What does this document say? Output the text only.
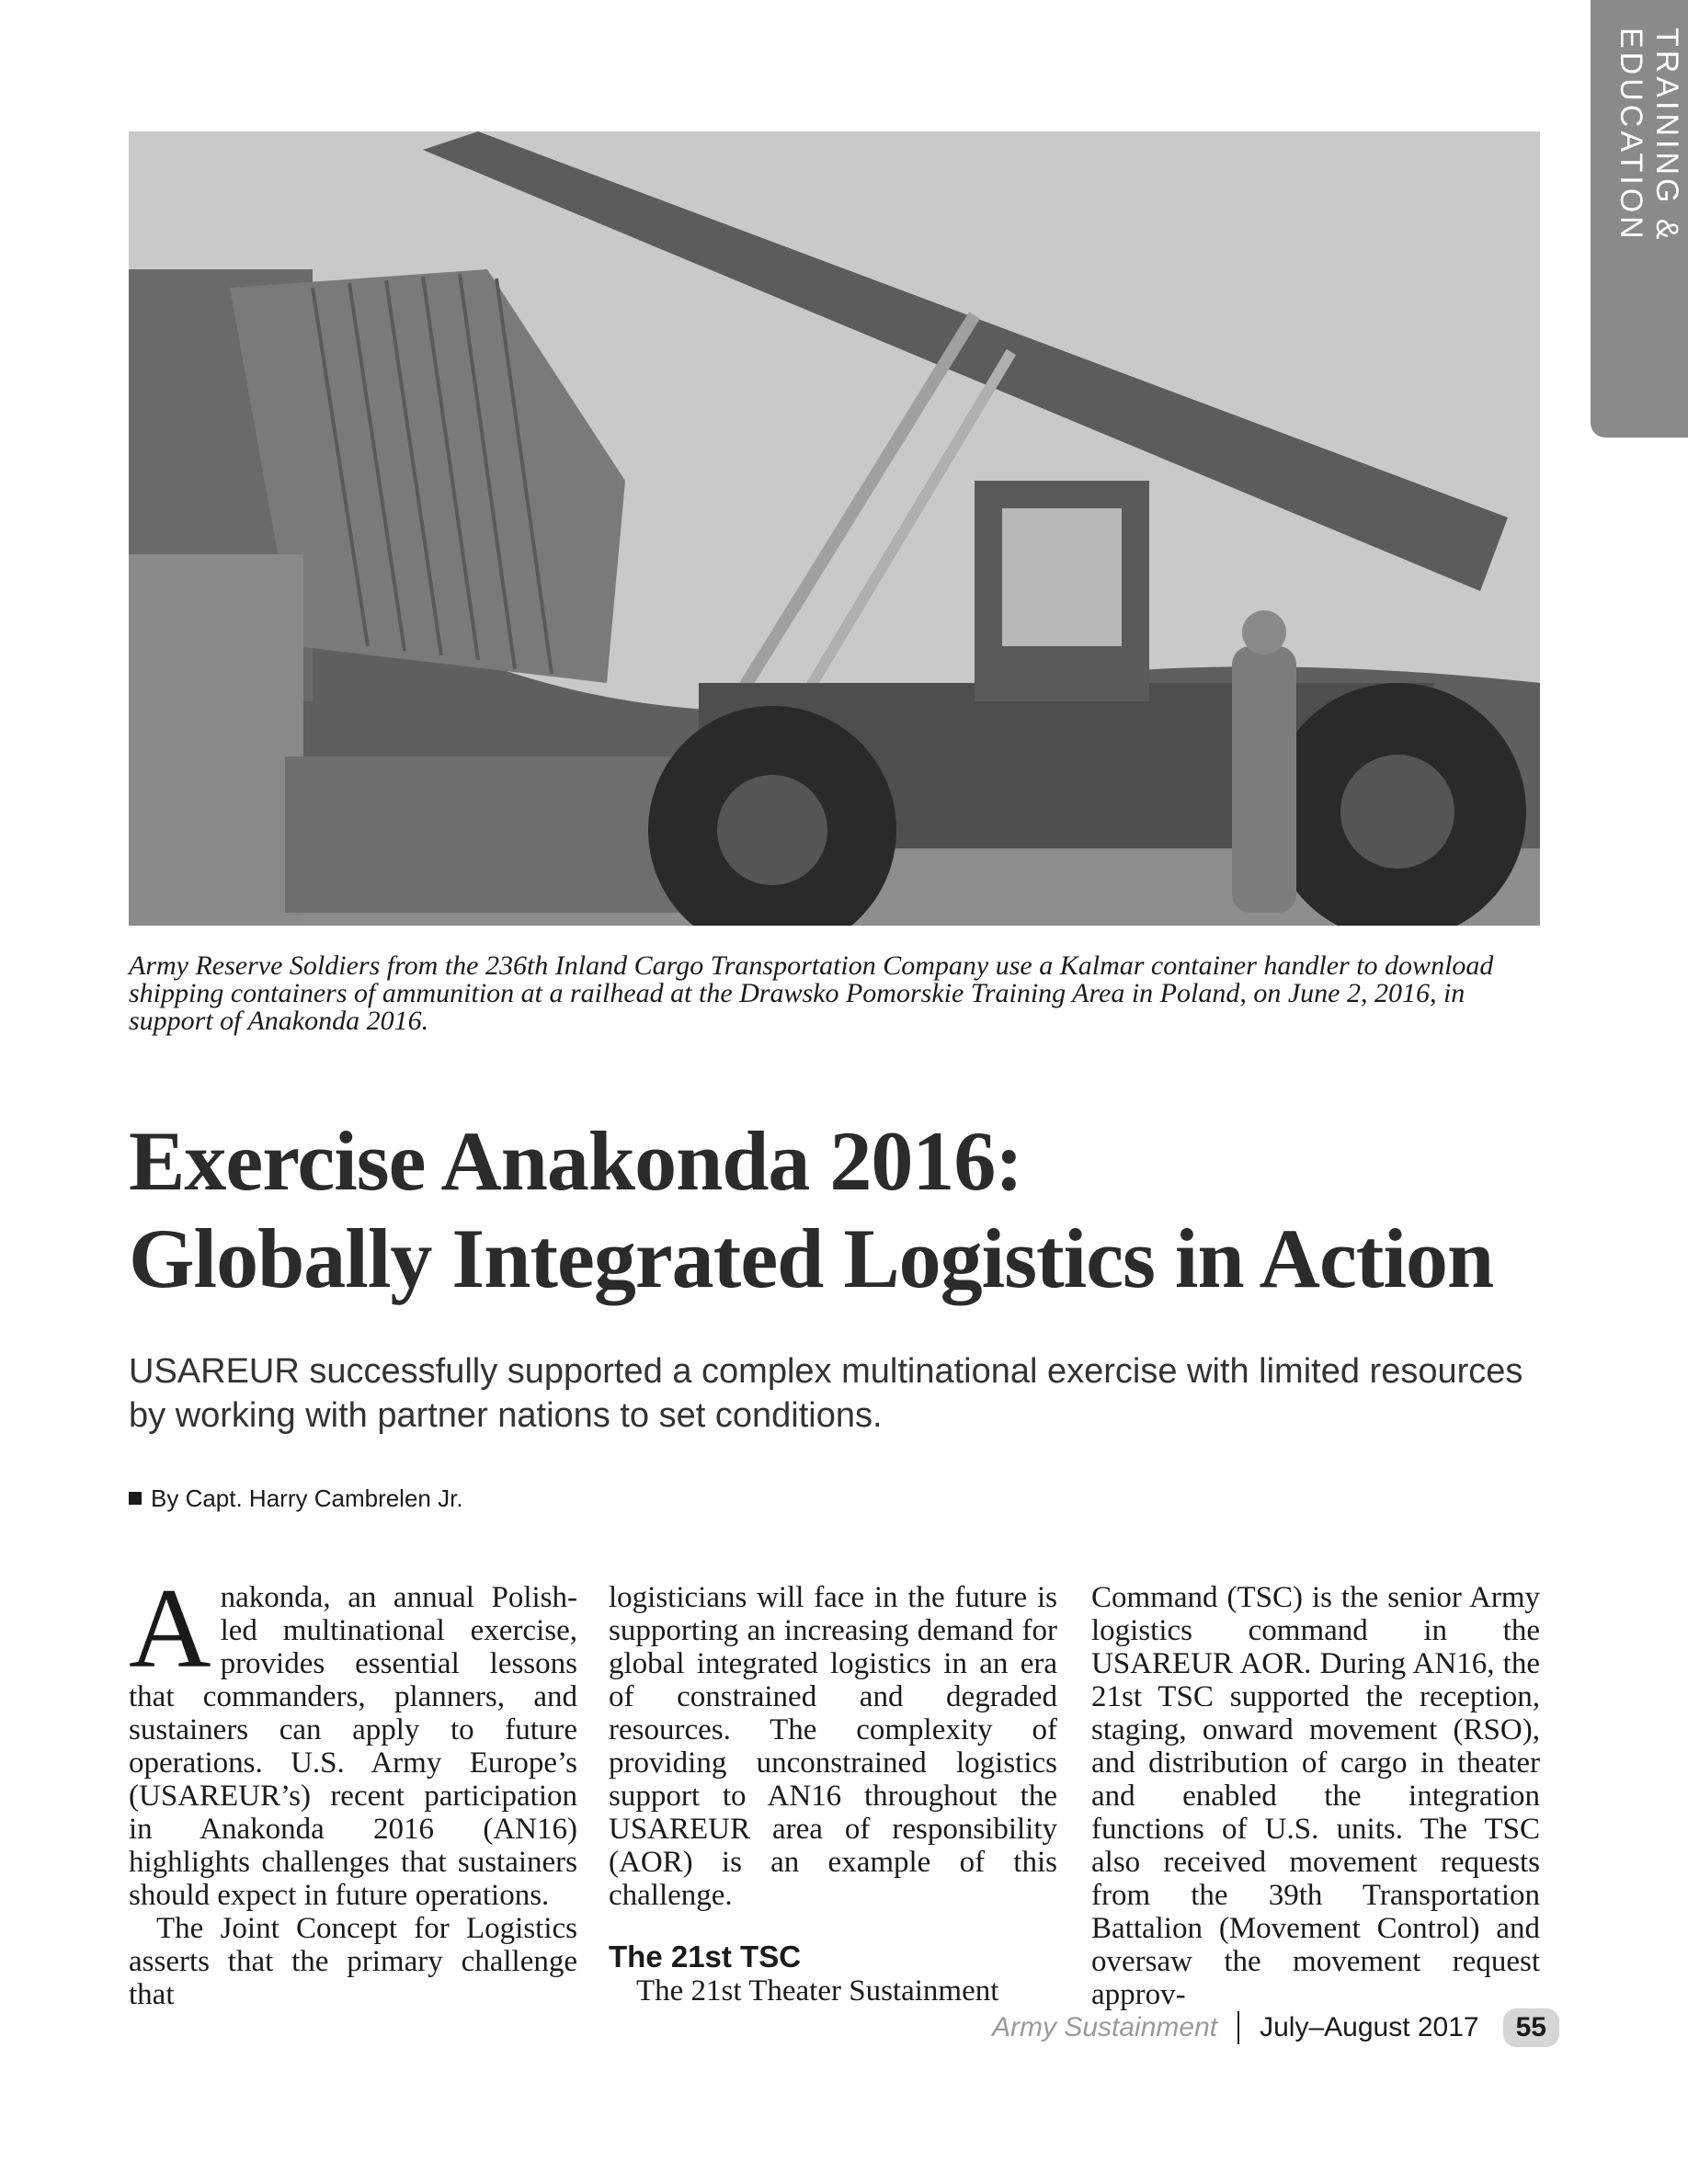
TRAINING & EDUCATION
Army Reserve Soldiers from the 236th Inland Cargo Transportation Company use a Kalmar container handler to download shipping containers of ammunition at a railhead at the Drawsko Pomorskie Training Area in Poland, on June 2, 2016, in support of Anakonda 2016.
Exercise Anakonda 2016:
Globally Integrated Logistics in Action
USAREUR successfully supported a complex multinational exercise with limited resources by working with partner nations to set conditions.
By Capt. Harry Cambrelen Jr.

Anakonda, an annual Polish-led multinational exercise, provides essential lessons that commanders, planners, and sustainers can apply to future operations. U.S. Army Europe’s (USAREUR’s) recent participation in Anakonda 2016 (AN16) highlights challenges that sustainers should expect in future operations.

The Joint Concept for Logistics asserts that the primary challenge that

logisticians will face in the future is supporting an increasing demand for global integrated logistics in an era of constrained and degraded resources. The complexity of providing unconstrained logistics support to AN16 throughout the USAREUR area of responsibility (AOR) is an example of this challenge.

The 21st TSC

The 21st Theater Sustainment

Command (TSC) is the senior Army logistics command in the USAREUR AOR. During AN16, the 21st TSC supported the reception, staging, onward movement (RSO), and distribution of cargo in theater and enabled the integration functions of U.S. units. The TSC also received movement requests from the 39th Transportation Battalion (Movement Control) and oversaw the movement request approv-

Army Sustainment July–August 2017	55
